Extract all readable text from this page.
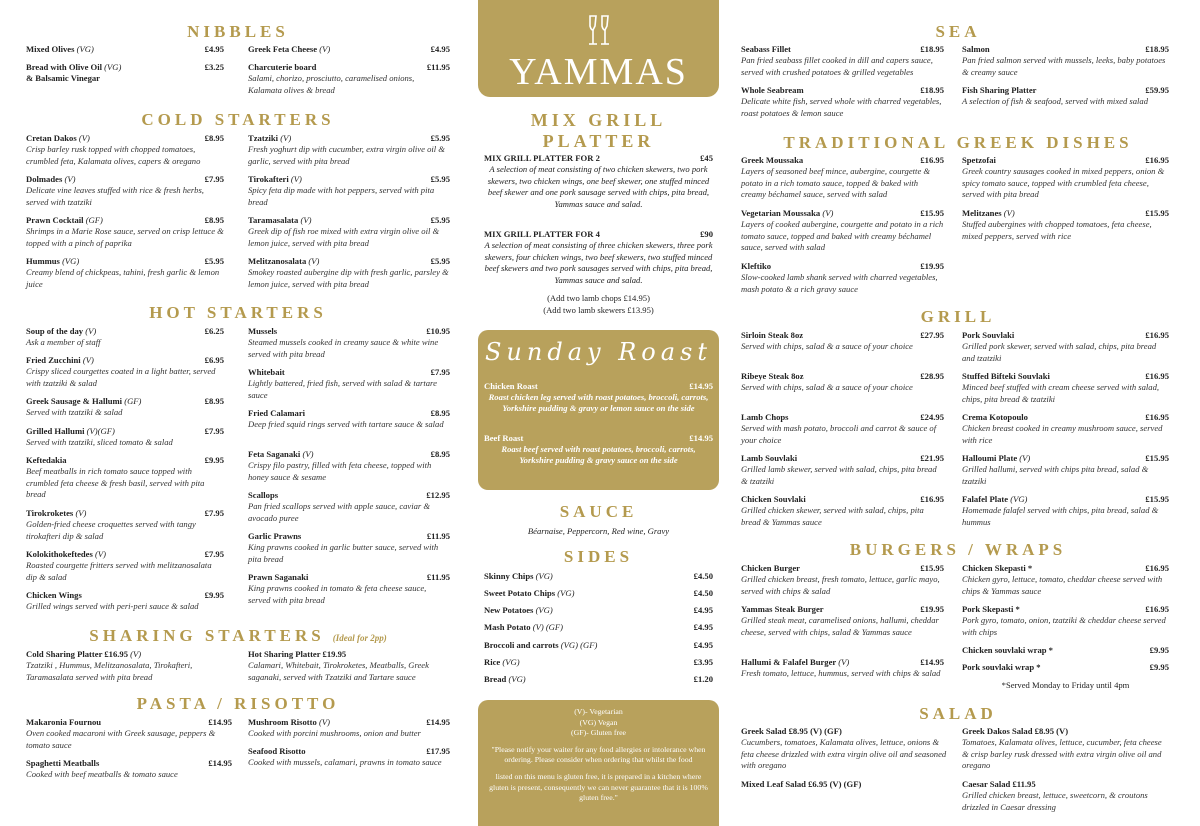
NIBBLES
Mixed Olives (VG)	£4.95
Bread with Olive Oil (VG)	£3.25
& Balsamic Vinegar
Greek Feta Cheese (V)	£4.95
Charcuterie board	£11.95
Salami, chorizo, prosciutto, caramelised onions, Kalamata olives & bread
COLD STARTERS
Cretan Dakos (V)	£8.95
Crisp barley rusk topped with chopped tomatoes, crumbled feta, Kalamata olives, capers & oregano
Dolmades (V)	£7.95
Delicate vine leaves stuffed with rice & fresh herbs, served with tzatziki
Prawn Cocktail (GF)	£8.95
Shrimps in a Marie Rose sauce, served on crisp lettuce & topped with a pinch of paprika
Hummus (VG)	£5.95
Creamy blend of chickpeas, tahini, fresh garlic & lemon juice
Tzatziki (V)	£5.95
Fresh yoghurt dip with cucumber, extra virgin olive oil & garlic, served with pita bread
Tirokafteri (V)	£5.95
Spicy feta dip made with hot peppers, served with pita bread
Taramasalata (V)	£5.95
Greek dip of fish roe mixed with extra virgin olive oil & lemon juice, served with pita bread
Melitzanosalata (V)	£5.95
Smokey roasted aubergine dip with fresh garlic, parsley & lemon juice, served with pita bread
HOT STARTERS
Soup of the day (V)	£6.25
Ask a member of staff
Fried Zucchini (V)	£6.95
Crispy sliced courgettes coated in a light batter, served with tzatziki & salad
Greek Sausage & Hallumi (GF)	£8.95
Served with tzatziki & salad
Grilled Hallumi (V)(GF)	£7.95
Served with tzatziki, sliced tomato & salad
Keftedakia	£9.95
Beef meatballs in rich tomato sauce topped with crumbled feta cheese & fresh basil, served with pita bread
Tirokroketes (V)	£7.95
Golden-fried cheese croquettes served with tangy tirokafteri dip & salad
Kolokithokeftedes (V)	£7.95
Roasted courgette fritters served with melitzanosalata dip & salad
Chicken Wings	£9.95
Grilled wings served with peri-peri sauce & salad
Mussels	£10.95
Steamed mussels cooked in creamy sauce & white wine served with pita bread
Whitebait	£7.95
Lightly battered, fried fish, served with salad & tartare sauce
Fried Calamari	£8.95
Deep fried squid rings served with tartare sauce & salad
Feta Saganaki (V)	£8.95
Crispy filo pastry, filled with feta cheese, topped with honey sauce & sesame
Scallops	£12.95
Pan fried scallops served with apple sauce, caviar & avocado puree
Garlic Prawns	£11.95
King prawns cooked in garlic butter sauce, served with pita bread
Prawn Saganaki	£11.95
King prawns cooked in tomato & feta cheese sauce, served with pita bread
SHARING STARTERS (Ideal for 2pp)
Cold Sharing Platter £16.95 (V)
Tzatziki , Hummus, Melitzanosalata, Tirokafteri, Taramasalata served with pita bread
Hot Sharing Platter £19.95
Calamari, Whitebait, Tirokroketes, Meatballs, Greek saganaki, served with Tzatziki and Tartare sauce
PASTA / RISOTTO
Makaronia Fournou	£14.95
Oven cooked macaroni with Greek sausage, peppers & tomato sauce
Spaghetti Meatballs	£14.95
Cooked with beef meatballs & tomato sauce
Mushroom Risotto (V)	£14.95
Cooked with porcini mushrooms, onion and butter
Seafood Risotto	£17.95
Cooked with mussels, calamari, prawns in tomato sauce
YAMMAS
MIX GRILL
PLATTER
MIX GRILL PLATTER FOR 2	£45
A selection of meat consisting of two chicken skewers, two pork skewers, two chicken wings, one beef skewer, one stuffed minced beef skewer and one pork sausage served with chips, pita bread, Yammas sauce and salad.
MIX GRILL PLATTER FOR 4	£90
A selection of meat consisting of three chicken skewers, three pork skewers, four chicken wings, two beef skewers, two stuffed minced beef skewers and two pork sausages served with chips, pita bread, Yammas sauce and salad.
(Add two lamb chops £14.95)
(Add two lamb skewers £13.95)
Sunday Roast
Chicken Roast	£14.95
Roast chicken leg served with roast potatoes, broccoli, carrots, Yorkshire pudding & gravy or lemon sauce on the side
Beef Roast	£14.95
Roast beef served with roast potatoes, broccoli, carrots, Yorkshire pudding & gravy sauce on the side
SAUCE
Béarnaise, Peppercorn, Red wine, Gravy
SIDES
Skinny Chips (VG)	£4.50
Sweet Potato Chips (VG)	£4.50
New Potatoes (VG)	£4.95
Mash Potato (V) (GF)	£4.95
Broccoli and carrots (VG) (GF)	£4.95
Rice (VG)	£3.95
Bread (VG)	£1.20
(V)- Vegetarian
(VG) Vegan
(GF)- Gluten free
"Please notify your waiter for any food allergies or intolerance when ordering. Please consider when ordering that whilst the food
listed on this menu is gluten free, it is prepared in a kitchen where gluten is present, consequently we can never guarantee that it is 100% gluten free."
SEA
Seabass Fillet	£18.95
Pan fried seabass fillet cooked in dill and capers sauce, served with crushed potatoes & grilled vegetables
Whole Seabream	£18.95
Delicate white fish, served whole with charred vegetables, roast potatoes & lemon sauce
Salmon	£18.95
Pan fried salmon served with mussels, leeks, baby potatoes & creamy sauce
Fish Sharing Platter	£59.95
A selection of fish & seafood, served with mixed salad
TRADITIONAL GREEK DISHES
Greek Moussaka	£16.95
Layers of seasoned beef mince, aubergine, courgette & potato in a rich tomato sauce, topped & baked with creamy béchamel sauce, served with salad
Vegetarian Moussaka (V)	£15.95
Layers of cooked aubergine, courgette and potato in a rich tomato sauce, topped and baked with creamy béchamel sauce, served with salad
Kleftiko	£19.95
Slow-cooked lamb shank served with charred vegetables, mash potato & a rich gravy sauce
Spetzofai	£16.95
Greek country sausages cooked in mixed peppers, onion & spicy tomato sauce, topped with crumbled feta cheese, served with pita bread
Melitzanes (V)	£15.95
Stuffed aubergines with chopped tomatoes, feta cheese, mixed peppers, served with rice
GRILL
Sirloin Steak 8oz	£27.95
Served with chips, salad & a sauce of your choice
Ribeye Steak 8oz	£28.95
Served with chips, salad & a sauce of your choice
Lamb Chops	£24.95
Served with mash potato, broccoli and carrot & sauce of your choice
Lamb Souvlaki	£21.95
Grilled lamb skewer, served with salad, chips, pita bread & tzatziki
Chicken Souvlaki	£16.95
Grilled chicken skewer, served with salad, chips, pita bread & Yammas sauce
Pork Souvlaki	£16.95
Grilled pork skewer, served with salad, chips, pita bread and tzatziki
Stuffed Bifteki Souvlaki	£16.95
Minced beef stuffed with cream cheese served with salad, chips, pita bread & tzatziki
Crema Kotopoulo	£16.95
Chicken breast cooked in creamy mushroom sauce, served with rice
Halloumi Plate (V)	£15.95
Grilled hallumi, served with chips pita bread, salad & tzatziki
Falafel Plate (VG)	£15.95
Homemade falafel served with chips, pita bread, salad & hummus
BURGERS / WRAPS
Chicken Burger	£15.95
Grilled chicken breast, fresh tomato, lettuce, garlic mayo, served with chips & salad
Yammas Steak Burger	£19.95
Grilled steak meat, caramelised onions, hallumi, cheddar cheese, served with chips, salad & Yammas sauce
Hallumi & Falafel Burger (V)	£14.95
Fresh tomato, lettuce, hummus, served with chips & salad
Chicken Skepasti *	£16.95
Chicken gyro, lettuce, tomato, cheddar cheese served with chips & Yammas sauce
Pork Skepasti *	£16.95
Pork gyro, tomato, onion, tzatziki & cheddar cheese served with chips
Chicken souvlaki wrap *	£9.95
Pork souvlaki wrap *	£9.95
*Served Monday to Friday until 4pm
SALAD
Greek Salad £8.95 (V) (GF)
Cucumbers, tomatoes, Kalamata olives, lettuce, onions & feta cheese drizzled with extra virgin olive oil and seasoned with oregano
Mixed Leaf Salad £6.95 (V) (GF)
Greek Dakos Salad £8.95 (V)
Tomatoes, Kalamata olives, lettuce, cucumber, feta cheese & crisp barley rusk dressed with extra virgin olive oil and oregano
Caesar Salad £11.95
Grilled chicken breast, lettuce, sweetcorn, & croutons drizzled in Caesar dressing
